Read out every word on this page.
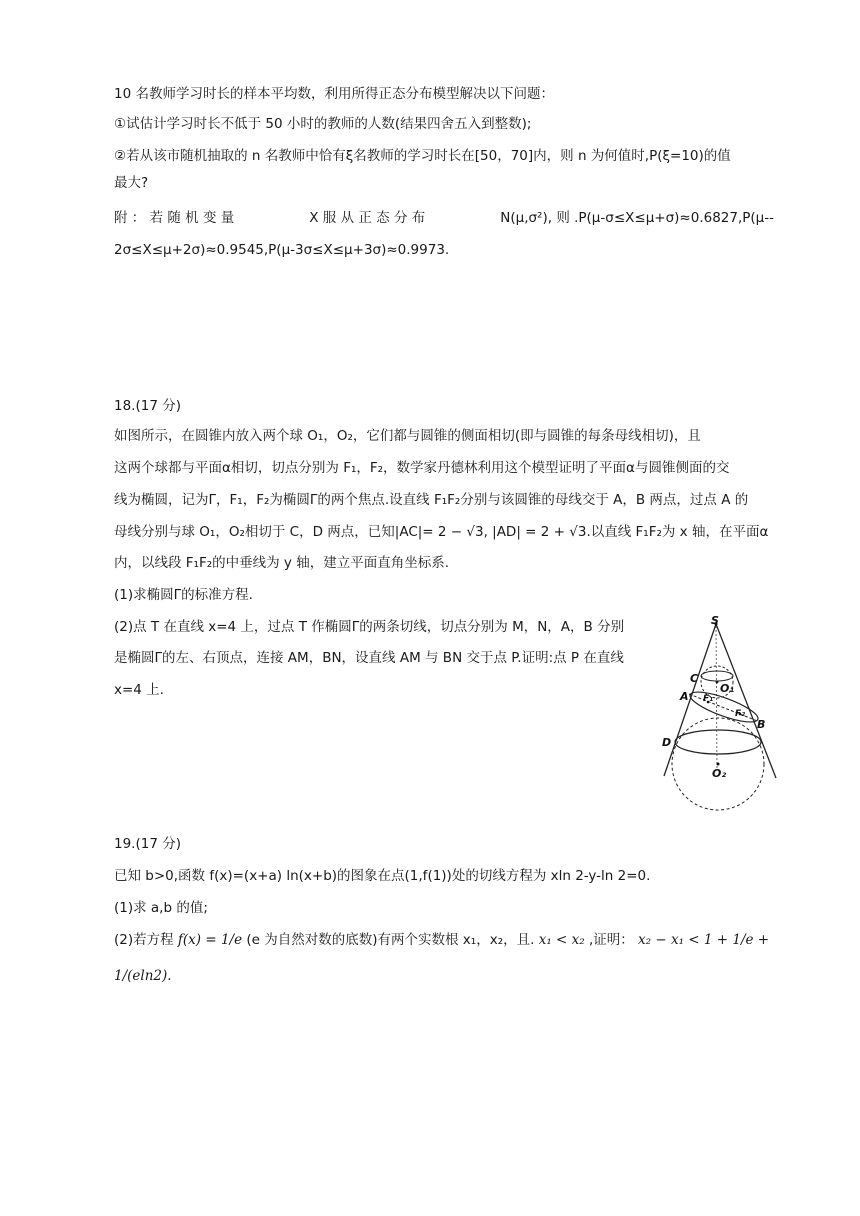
10 名教师学习时长的样本平均数，利用所得正态分布模型解决以下问题：
①试估计学习时长不低于 50 小时的教师的人数(结果四舍五入到整数);
②若从该市随机抽取的 n 名教师中恰有ξ名教师的学习时长在[50，70]内，则 n 为何值时,P(ξ=10)的值
最大?
附 ： 若 随 机 变 量	X 服 从 正 态 分 布	N(μ,σ²), 则 .P(μ-σ≤X≤μ+σ)≈0.6827,P(μ--
2σ≤X≤μ+2σ)≈0.9545,P(μ-3σ≤X≤μ+3σ)≈0.9973.
18.(17 分)
如图所示，在圆锥内放入两个球 O₁，O₂，它们都与圆锥的侧面相切(即与圆锥的每条母线相切)，且
这两个球都与平面α相切，切点分别为 F₁，F₂，数学家丹德林利用这个模型证明了平面α与圆锥侧面的交
线为椭圆，记为Γ，F₁，F₂为椭圆Γ的两个焦点.设直线 F₁F₂分别与该圆锥的母线交于 A，B 两点，过点 A 的
母线分别与球 O₁，O₂相切于 C，D 两点，已知|AC|= 2 − √3, |AD| = 2 + √3.以直线 F₁F₂为 x 轴，在平面α
内，以线段 F₁F₂的中垂线为 y 轴，建立平面直角坐标系.
(1)求椭圆Γ的标准方程.
(2)点 T 在直线 x=4 上，过点 T 作椭圆Γ的两条切线，切点分别为 M，N，A，B 分别
是椭圆Γ的左、右顶点，连接 AM，BN，设直线 AM 与 BN 交于点 P.证明:点 P 在直线
x=4 上.
S
C
O₁
A F₁
F₂
B
D
O₂
19.(17 分)
已知 b>0,函数 f(x)=(x+a) ln(x+b)的图象在点(1,f(1))处的切线方程为 xln 2-y-ln 2=0.
(1)求 a,b 的值;
(2)若方程 f(x) = 1/e (e 为自然对数的底数)有两个实数根 x₁，x₂，且. x₁ < x₂ ,证明： x₂ − x₁ < 1 + 1/e +
1/(eln2).
